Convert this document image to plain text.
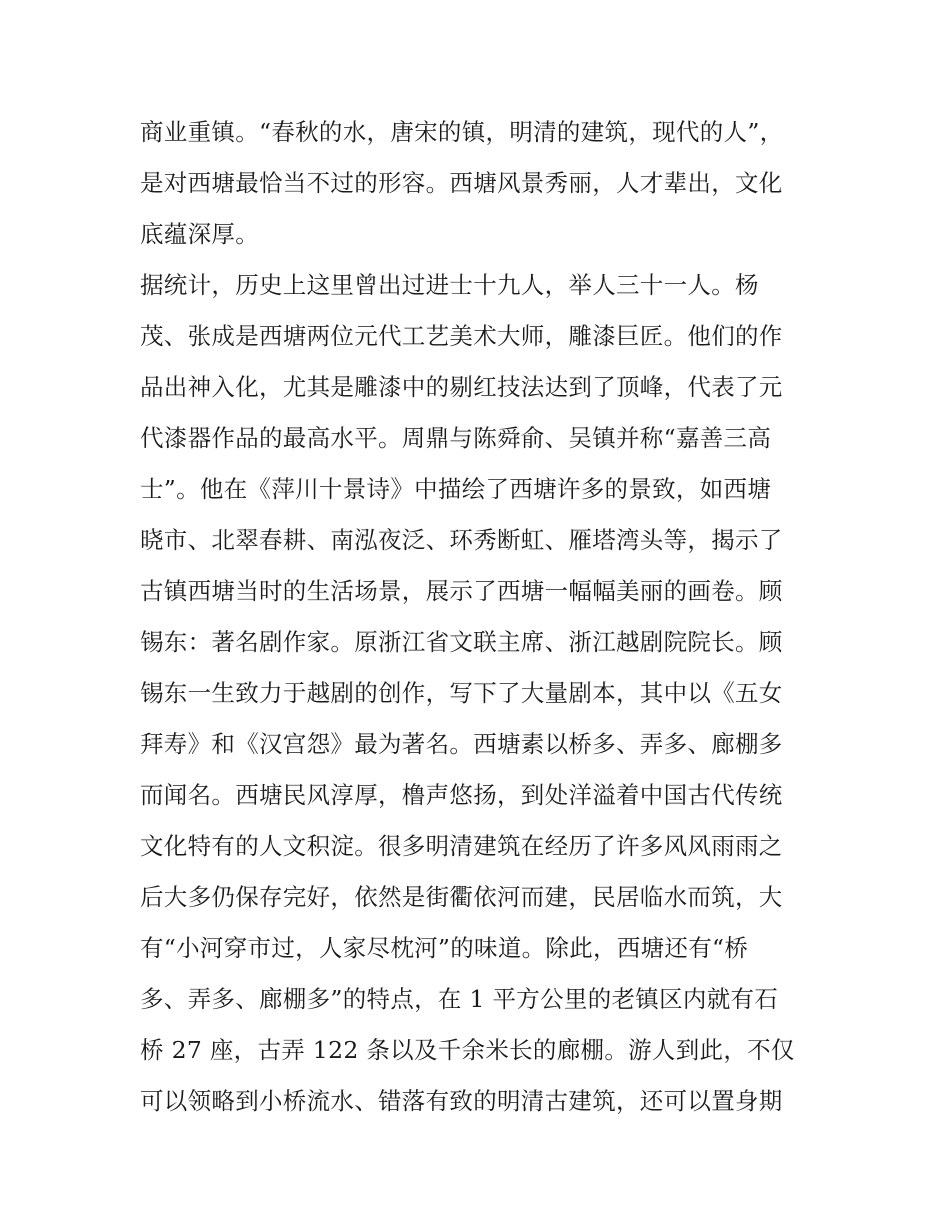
商业重镇。“春秋的水，唐宋的镇，明清的建筑，现代的人”，
是对西塘最恰当不过的形容。西塘风景秀丽，人才辈出，文化
底蕴深厚。
据统计，历史上这里曾出过进士十九人，举人三十一人。杨
茂、张成是西塘两位元代工艺美术大师，雕漆巨匠。他们的作
品出神入化，尤其是雕漆中的剔红技法达到了顶峰，代表了元
代漆器作品的最高水平。周鼎与陈舜俞、吴镇并称“嘉善三高
士”。他在《萍川十景诗》中描绘了西塘许多的景致，如西塘
晓市、北翠春耕、南泓夜泛、环秀断虹、雁塔湾头等，揭示了
古镇西塘当时的生活场景，展示了西塘一幅幅美丽的画卷。顾
锡东：著名剧作家。原浙江省文联主席、浙江越剧院院长。顾
锡东一生致力于越剧的创作，写下了大量剧本，其中以《五女
拜寿》和《汉宫怨》最为著名。西塘素以桥多、弄多、廊棚多
而闻名。西塘民风淳厚，橹声悠扬，到处洋溢着中国古代传统
文化特有的人文积淀。很多明清建筑在经历了许多风风雨雨之
后大多仍保存完好，依然是街衢依河而建，民居临水而筑，大
有“小河穿市过，人家尽枕河”的味道。除此，西塘还有“桥
多、弄多、廊棚多”的特点，在 1 平方公里的老镇区内就有石
桥 27 座，古弄 122 条以及千余米长的廊棚。游人到此，不仅
可以领略到小桥流水、错落有致的明清古建筑，还可以置身期
